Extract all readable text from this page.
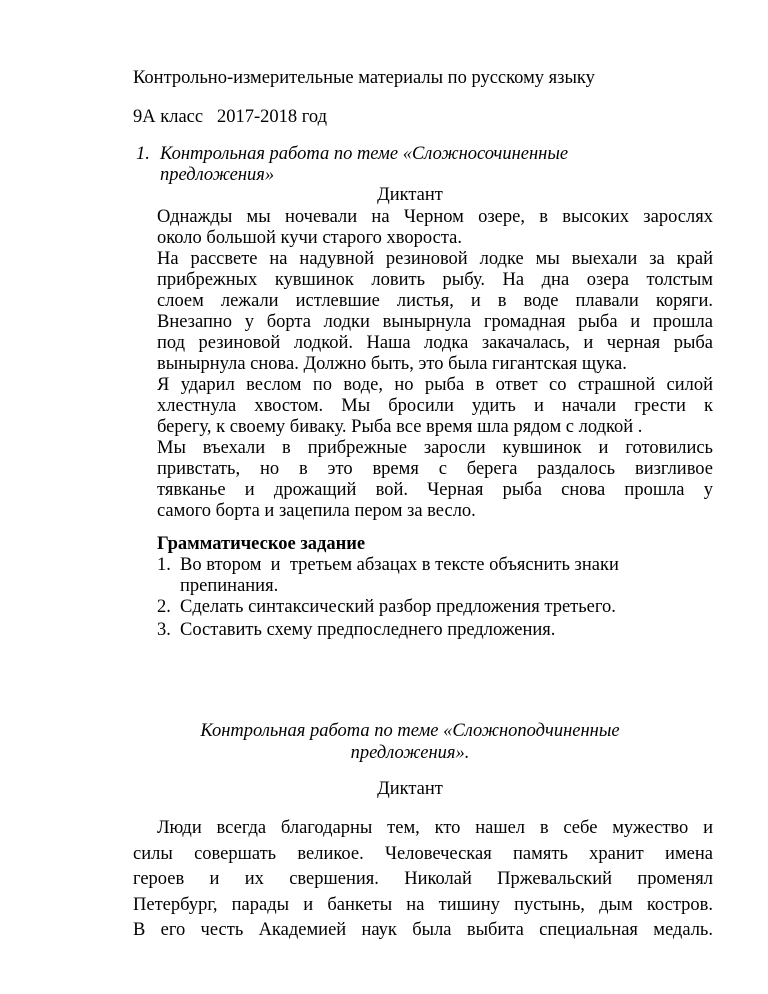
Контрольно-измерительные материалы по русскому языку
9А класс   2017-2018 год
1. Контрольная работа по теме «Сложносочиненные
предложения»
Диктант
Однажды мы ночевали на Черном озере, в высоких зарослях
около большой кучи старого хвороста.
На рассвете на надувной резиновой лодке мы выехали за край
прибрежных кувшинок ловить рыбу. На дна озера толстым
слоем лежали истлевшие листья, и в воде плавали коряги.
Внезапно у борта лодки вынырнула громадная рыба и прошла
под резиновой лодкой. Наша лодка закачалась, и черная рыба
вынырнула снова. Должно быть, это была гигантская щука.
Я ударил веслом по воде, но рыба в ответ со страшной силой
хлестнула хвостом. Мы бросили удить и начали грести к
берегу, к своему биваку. Рыба все время шла рядом с лодкой .
Мы въехали в прибрежные заросли кувшинок и готовились
привстать, но в это время с берега раздалось визгливое
тявканье и дрожащий вой. Черная рыба снова прошла у
самого борта и зацепила пером за весло.
Грамматическое задание
1. Во втором  и  третьем абзацах в тексте объяснить знаки
препинания.
2. Сделать синтаксический разбор предложения третьего.
3. Составить схему предпоследнего предложения.
Контрольная работа по теме «Сложноподчиненные
предложения».
Диктант
Люди всегда благодарны тем, кто нашел в себе мужество и
силы совершать великое. Человеческая память хранит имена
героев и их свершения. Николай Пржевальский променял
Петербург, парады и банкеты на тишину пустынь, дым костров.
В его честь Академией наук была выбита специальная медаль.
